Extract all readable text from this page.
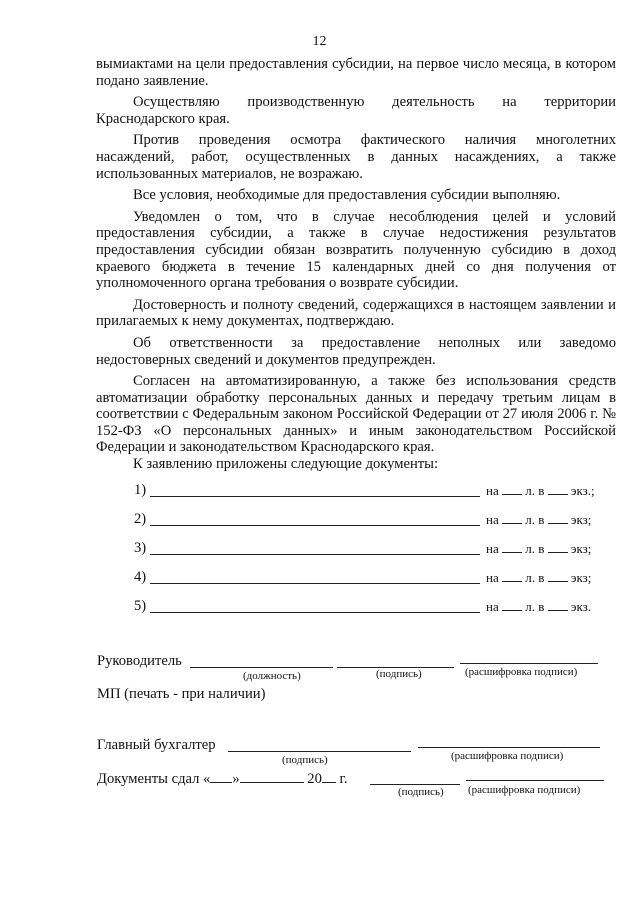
12

вымиактами на цели предоставления субсидии, на первое число месяца, в котором подано заявление.

Осуществляю производственную деятельность на территории Краснодарского края.

Против проведения осмотра фактического наличия многолетних насаждений, работ, осуществленных в данных насаждениях, а также использованных материалов, не возражаю.

Все условия, необходимые для предоставления субсидии выполняю.

Уведомлен о том, что в случае несоблюдения целей и условий предоставления субсидии, а также в случае недостижения результатов предоставления субсидии обязан возвратить полученную субсидию в доход краевого бюджета в течение 15 календарных дней со дня получения от уполномоченного органа требования о возврате субсидии.

Достоверность и полноту сведений, содержащихся в настоящем заявлении и прилагаемых к нему документах, подтверждаю.

Об ответственности за предоставление неполных или заведомо недостоверных сведений и документов предупрежден.

Согласен на автоматизированную, а также без использования средств автоматизации обработку персональных данных и передачу третьим лицам в соответствии с Федеральным законом Российской Федерации от 27 июля 2006 г. № 152-ФЗ «О персональных данных» и иным законодательством Российской Федерации и законодательством Краснодарского края.

К заявлению приложены следующие документы:
1)	на л. в экз.;
2)	на л. в экз;
3)	на л. в экз;
4)	на л. в экз;
5)	на л. в экз.
Руководитель
(должность)	(подпись)	(расшифровка подписи)
МП (печать - при наличии)
Главный бухгалтер
(подпись)	(расшифровка подписи)
Документы сдал « »	20 г.
(подпись) (расшифровка подписи)
